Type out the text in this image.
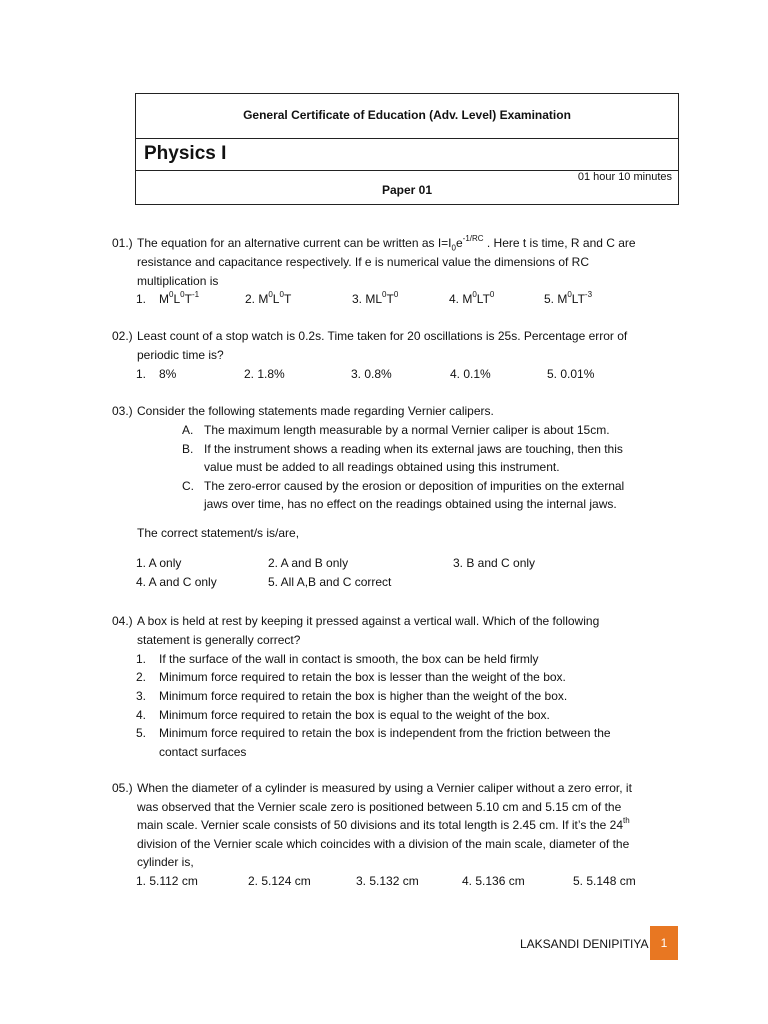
General Certificate of Education (Adv. Level) Examination
Physics I
01 hour 10 minutes
Paper 01
01.) The equation for an alternative current can be written as $I=I_0e^{-1/RC}$ . Here t is time, R and C are
resistance and capacitance respectively. If e is numerical value the dimensions of RC
multiplication is
1. $M^0L^0T^{-1}$	2. $M^0L^0T$	3. $ML^0T^0$	4. $M^0LT^0$	5. $M^0LT^{-3}$
02.) Least count of a stop watch is 0.2s. Time taken for 20 oscillations is 25s. Percentage error of
periodic time is?
1. 8%	2. 1.8%	3. 0.8%	4. 0.1%	5. 0.01%
03.) Consider the following statements made regarding Vernier calipers.
A. The maximum length measurable by a normal Vernier caliper is about 15cm.
B. If the instrument shows a reading when its external jaws are touching, then this
value must be added to all readings obtained using this instrument.
C. The zero-error caused by the erosion or deposition of impurities on the external
jaws over time, has no effect on the readings obtained using the internal jaws.
The correct statement/s is/are,
1. A only	2. A and B only	3. B and C only
4. A and C only	5. All A,B and C correct
04.) A box is held at rest by keeping it pressed against a vertical wall. Which of the following
statement is generally correct?
1. If the surface of the wall in contact is smooth, the box can be held firmly
2. Minimum force required to retain the box is lesser than the weight of the box.
3. Minimum force required to retain the box is higher than the weight of the box.
4. Minimum force required to retain the box is equal to the weight of the box.
5. Minimum force required to retain the box is independent from the friction between the
contact surfaces
05.) When the diameter of a cylinder is measured by using a Vernier caliper without a zero error, it
was observed that the Vernier scale zero is positioned between 5.10 cm and 5.15 cm of the
main scale. Vernier scale consists of 50 divisions and its total length is 2.45 cm. If it’s the 24th
division of the Vernier scale which coincides with a division of the main scale, diameter of the
cylinder is,
1. 5.112 cm	2. 5.124 cm	3. 5.132 cm	4. 5.136 cm	5. 5.148 cm
LAKSANDI DENIPITIYA	1
